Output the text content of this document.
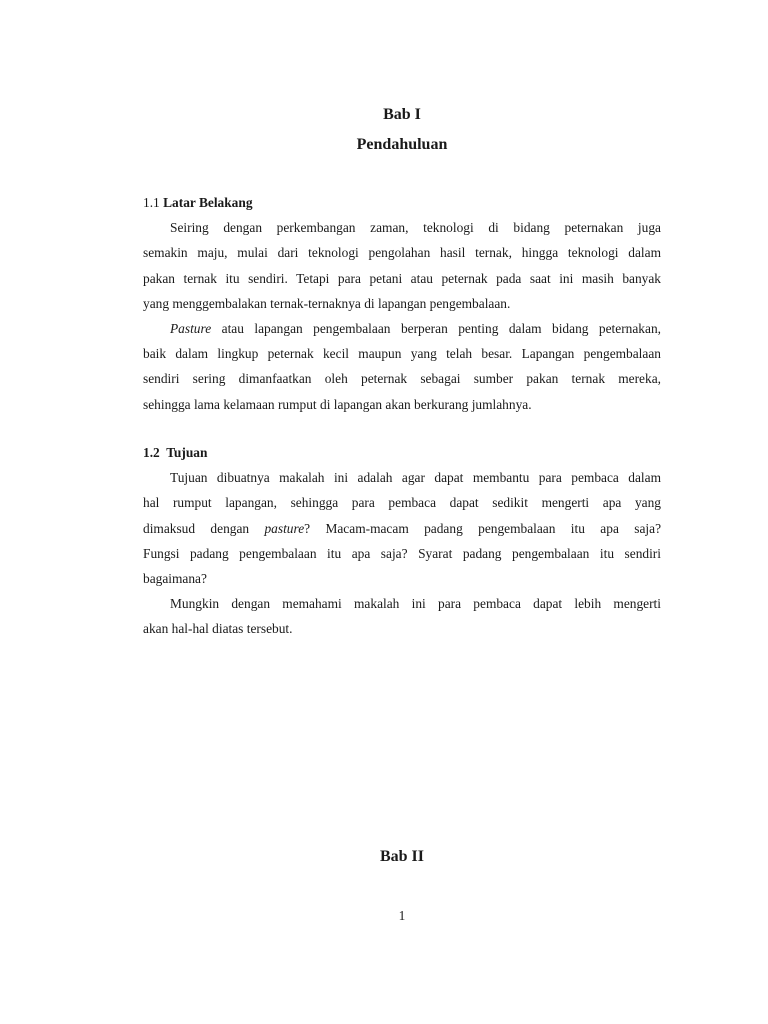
Bab I
Pendahuluan

1.1 Latar Belakang

Seiring dengan perkembangan zaman, teknologi di bidang peternakan juga
semakin maju, mulai dari teknologi pengolahan hasil ternak, hingga teknologi dalam
pakan ternak itu sendiri. Tetapi para petani atau peternak pada saat ini masih banyak
yang menggembalakan ternak-ternaknya di lapangan pengembalaan.
Pasture atau lapangan pengembalaan berperan penting dalam bidang peternakan,
baik dalam lingkup peternak kecil maupun yang telah besar. Lapangan pengembalaan
sendiri sering dimanfaatkan oleh peternak sebagai sumber pakan ternak mereka,
sehingga lama kelamaan rumput di lapangan akan berkurang jumlahnya.

1.2 Tujuan

Tujuan dibuatnya makalah ini adalah agar dapat membantu para pembaca dalam
hal rumput lapangan, sehingga para pembaca dapat sedikit mengerti apa yang
dimaksud dengan pasture? Macam-macam padang pengembalaan itu apa saja?
Fungsi padang pengembalaan itu apa saja? Syarat padang pengembalaan itu sendiri
bagaimana?
Mungkin dengan memahami makalah ini para pembaca dapat lebih mengerti
akan hal-hal diatas tersebut.
Bab II
1
